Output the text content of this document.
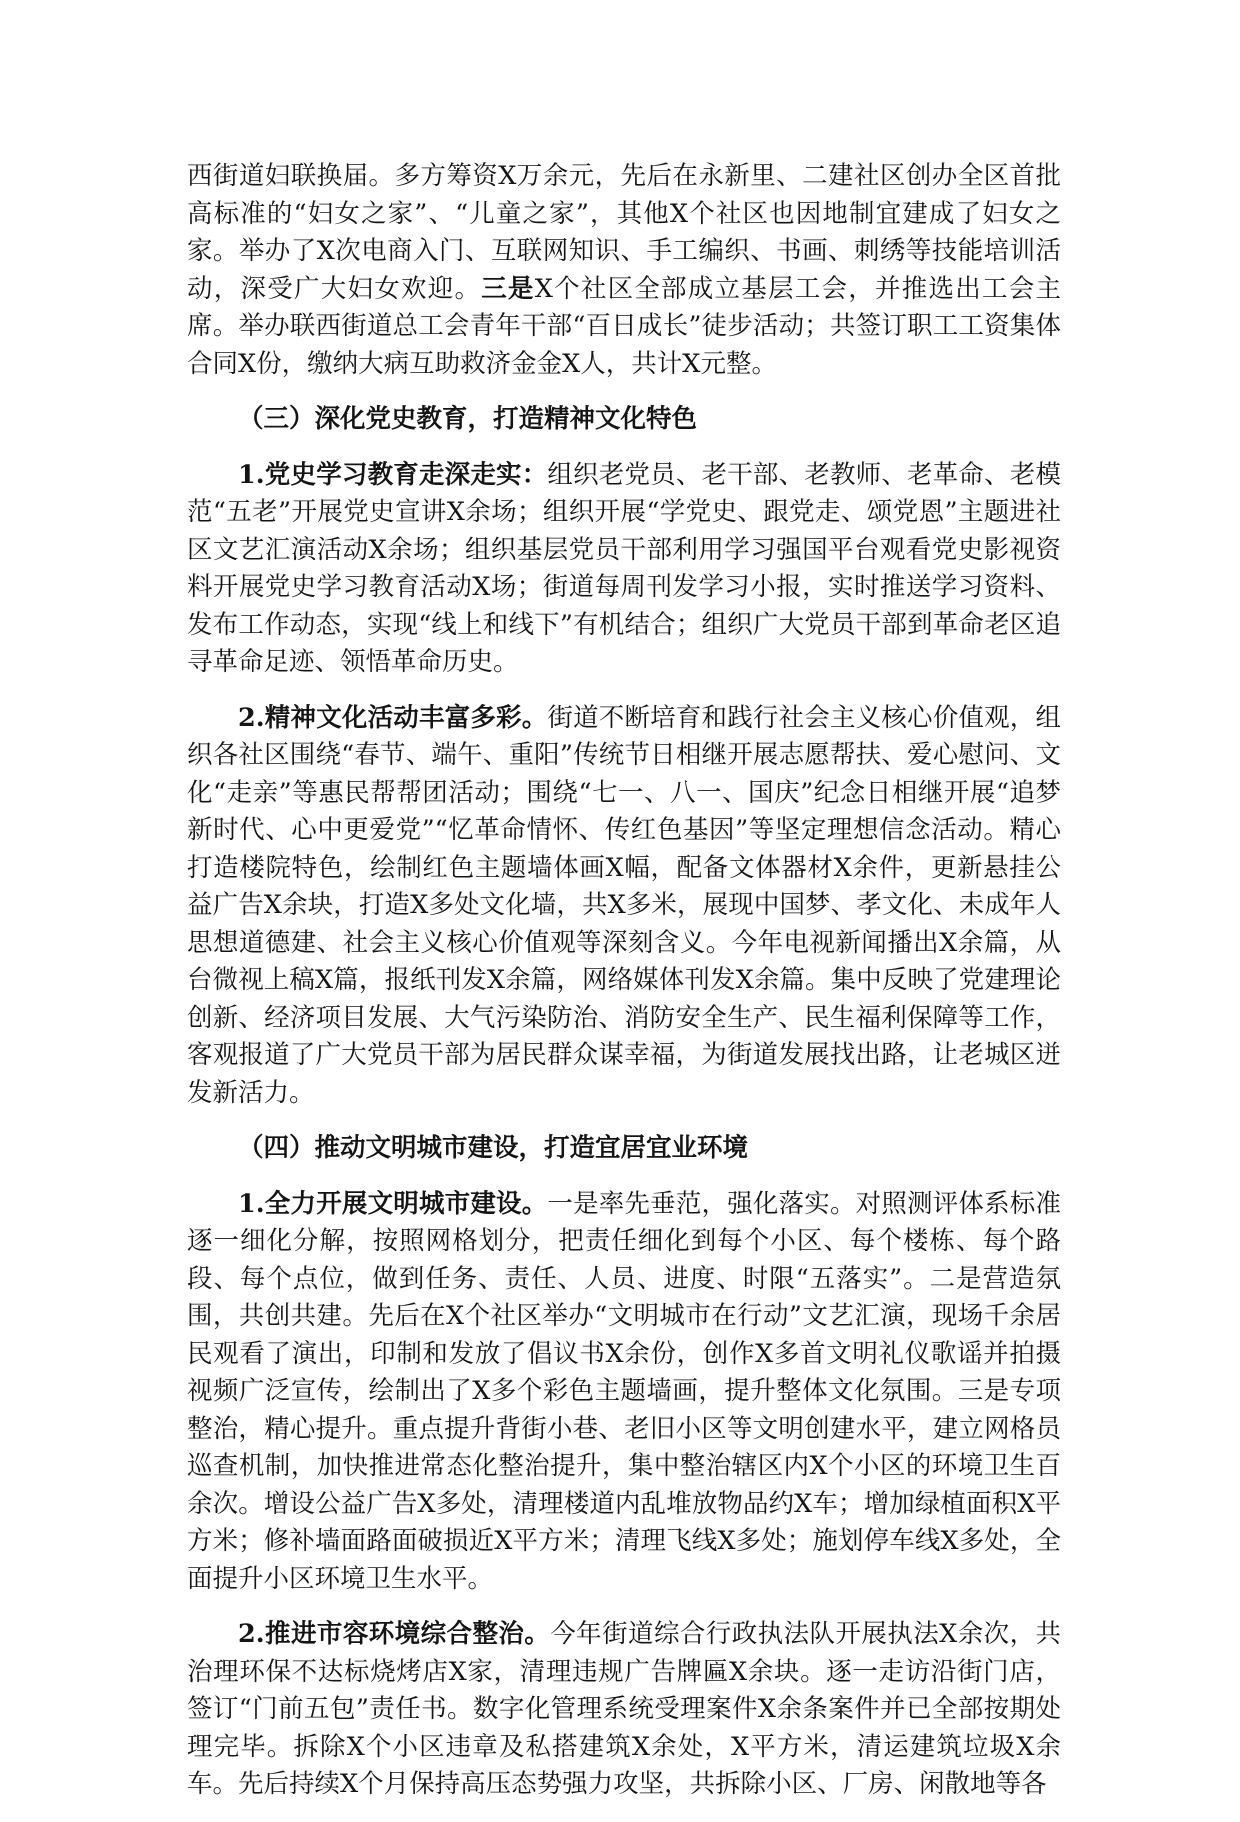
西街道妇联换届。多方筹资X万余元，先后在永新里、二建社区创办全区首批高标准的“妇女之家”、“儿童之家”，其他X个社区也因地制宜建成了妇女之家。举办了X次电商入门、互联网知识、手工编织、书画、刺绣等技能培训活动，深受广大妇女欢迎。三是X个社区全部成立基层工会，并推选出工会主席。举办联西街道总工会青年干部“百日成长”徒步活动；共签订职工工资集体合同X份，缴纳大病互助救济金金X人，共计X元整。

（三）深化党史教育，打造精神文化特色

1.党史学习教育走深走实：组织老党员、老干部、老教师、老革命、老模范“五老”开展党史宣讲X余场；组织开展“学党史、跟党走、颂党恩”主题进社区文艺汇演活动X余场；组织基层党员干部利用学习强国平台观看党史影视资料开展党史学习教育活动X场；街道每周刊发学习小报，实时推送学习资料、发布工作动态，实现“线上和线下”有机结合；组织广大党员干部到革命老区追寻革命足迹、领悟革命历史。

2.精神文化活动丰富多彩。街道不断培育和践行社会主义核心价值观，组织各社区围绕“春节、端午、重阳”传统节日相继开展志愿帮扶、爱心慰问、文化“走亲”等惠民帮帮团活动；围绕“七一、八一、国庆”纪念日相继开展“追梦新时代、心中更爱党”“忆革命情怀、传红色基因”等坚定理想信念活动。精心打造楼院特色，绘制红色主题墙体画X幅，配备文体器材X余件，更新悬挂公益广告X余块，打造X多处文化墙，共X多米，展现中国梦、孝文化、未成年人思想道德建、社会主义核心价值观等深刻含义。今年电视新闻播出X余篇，从台微视上稿X篇，报纸刊发X余篇，网络媒体刊发X余篇。集中反映了党建理论创新、经济项目发展、大气污染防治、消防安全生产、民生福利保障等工作，客观报道了广大党员干部为居民群众谋幸福，为街道发展找出路，让老城区迸发新活力。

（四）推动文明城市建设，打造宜居宜业环境

1.全力开展文明城市建设。一是率先垂范，强化落实。对照测评体系标准逐一细化分解，按照网格划分，把责任细化到每个小区、每个楼栋、每个路段、每个点位，做到任务、责任、人员、进度、时限“五落实”。二是营造氛围，共创共建。先后在X个社区举办“文明城市在行动”文艺汇演，现场千余居民观看了演出，印制和发放了倡议书X余份，创作X多首文明礼仪歌谣并拍摄视频广泛宣传，绘制出了X多个彩色主题墙画，提升整体文化氛围。三是专项整治，精心提升。重点提升背街小巷、老旧小区等文明创建水平，建立网格员巡查机制，加快推进常态化整治提升，集中整治辖区内X个小区的环境卫生百余次。增设公益广告X多处，清理楼道内乱堆放物品约X车；增加绿植面积X平方米；修补墙面路面破损近X平方米；清理飞线X多处；施划停车线X多处，全面提升小区环境卫生水平。

2.推进市容环境综合整治。今年街道综合行政执法队开展执法X余次，共治理环保不达标烧烤店X家，清理违规广告牌匾X余块。逐一走访沿街门店，签订“门前五包”责任书。数字化管理系统受理案件X余条案件并已全部按期处理完毕。拆除X个小区违章及私搭建筑X余处，X平方米，清运建筑垃圾X余车。先后持续X个月保持高压态势强力攻坚，共拆除小区、厂房、闲散地等各
